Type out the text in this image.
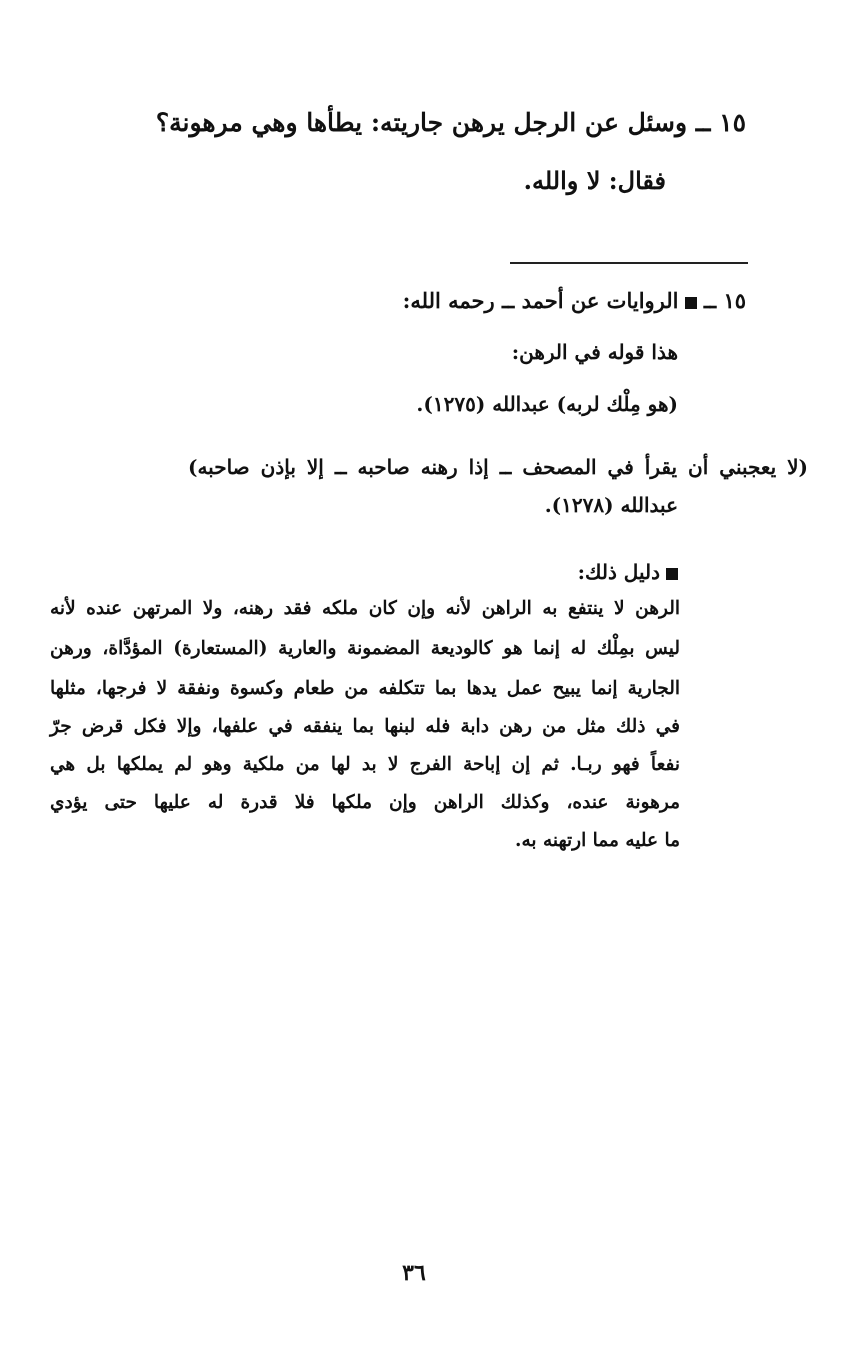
١٥ ــ وسئل عن الرجل يرهن جاريته: يطأها وهي مرهونة؟
فقال: لا والله.
١٥ ــ الروايات عن أحمد ــ رحمه الله:
هذا قوله في الرهن:
(هو مِلْك لربه) عبدالله (١٢٧٥).
(لا يعجبني أن يقرأ في المصحف ــ إذا رهنه صاحبه ــ إلا بإذن صاحبه)
عبدالله (١٢٧٨).
دليل ذلك:
الرهن لا ينتفع به الراهن لأنه وإن كان ملكه فقد رهنه، ولا المرتهن عنده لأنه
ليس بمِلْك له إنما هو كالوديعة المضمونة والعارية (المستعارة) المؤدَّاة، ورهن
الجارية إنما يبيح عمل يدها بما تتكلفه من طعام وكسوة ونفقة لا فرجها، مثلها
في ذلك مثل من رهن دابة فله لبنها بما ينفقه في علفها، وإلا فكل قرض جرّ
نفعاً فهو ربـا. ثم إن إباحة الفرج لا بد لها من ملكية وهو لم يملكها بل هي
مرهونة عنده، وكذلك الراهن وإن ملكها فلا قدرة له عليها حتى يؤدي
ما عليه مما ارتهنه به.
٣٦
